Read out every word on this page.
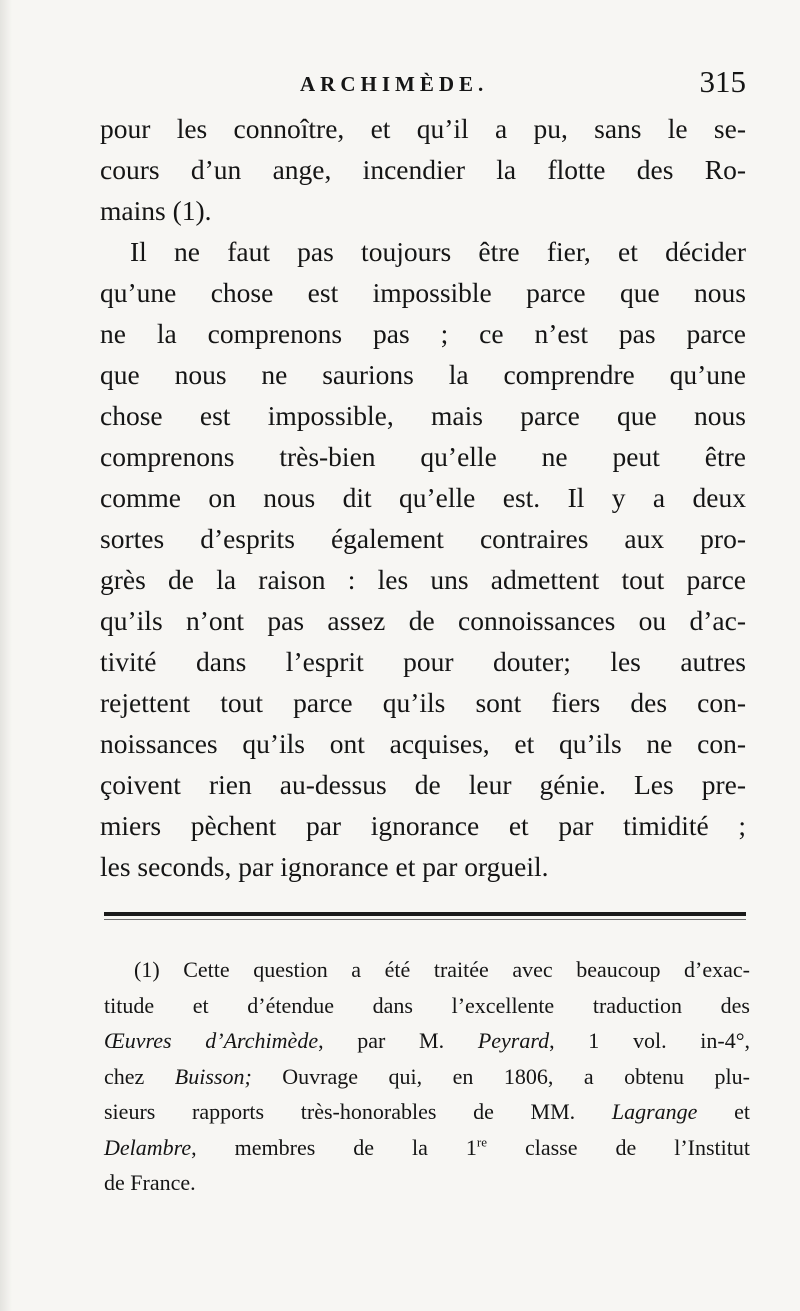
ARCHIMÈDE.	315
pour les connoître, et qu’il a pu, sans le se-
cours d’un ange, incendier la flotte des Ro-
mains (1).
Il ne faut pas toujours être fier, et décider
qu’une chose est impossible parce que nous
ne la comprenons pas ; ce n’est pas parce
que nous ne saurions la comprendre qu’une
chose est impossible, mais parce que nous
comprenons très-bien qu’elle ne peut être
comme on nous dit qu’elle est. Il y a deux
sortes d’esprits également contraires aux pro-
grès de la raison : les uns admettent tout parce
qu’ils n’ont pas assez de connoissances ou d’ac-
tivité dans l’esprit pour douter; les autres
rejettent tout parce qu’ils sont fiers des con-
noissances qu’ils ont acquises, et qu’ils ne con-
çoivent rien au-dessus de leur génie. Les pre-
miers pèchent par ignorance et par timidité ;
les seconds, par ignorance et par orgueil.
(1) Cette question a été traitée avec beaucoup d’exac-
titude et d’étendue dans l’excellente traduction des
Œuvres d’Archimède, par M. Peyrard, 1 vol. in-4°,
chez Buisson; Ouvrage qui, en 1806, a obtenu plu-
sieurs rapports très-honorables de MM. Lagrange et
Delambre, membres de la 1re classe de l’Institut
de France.
